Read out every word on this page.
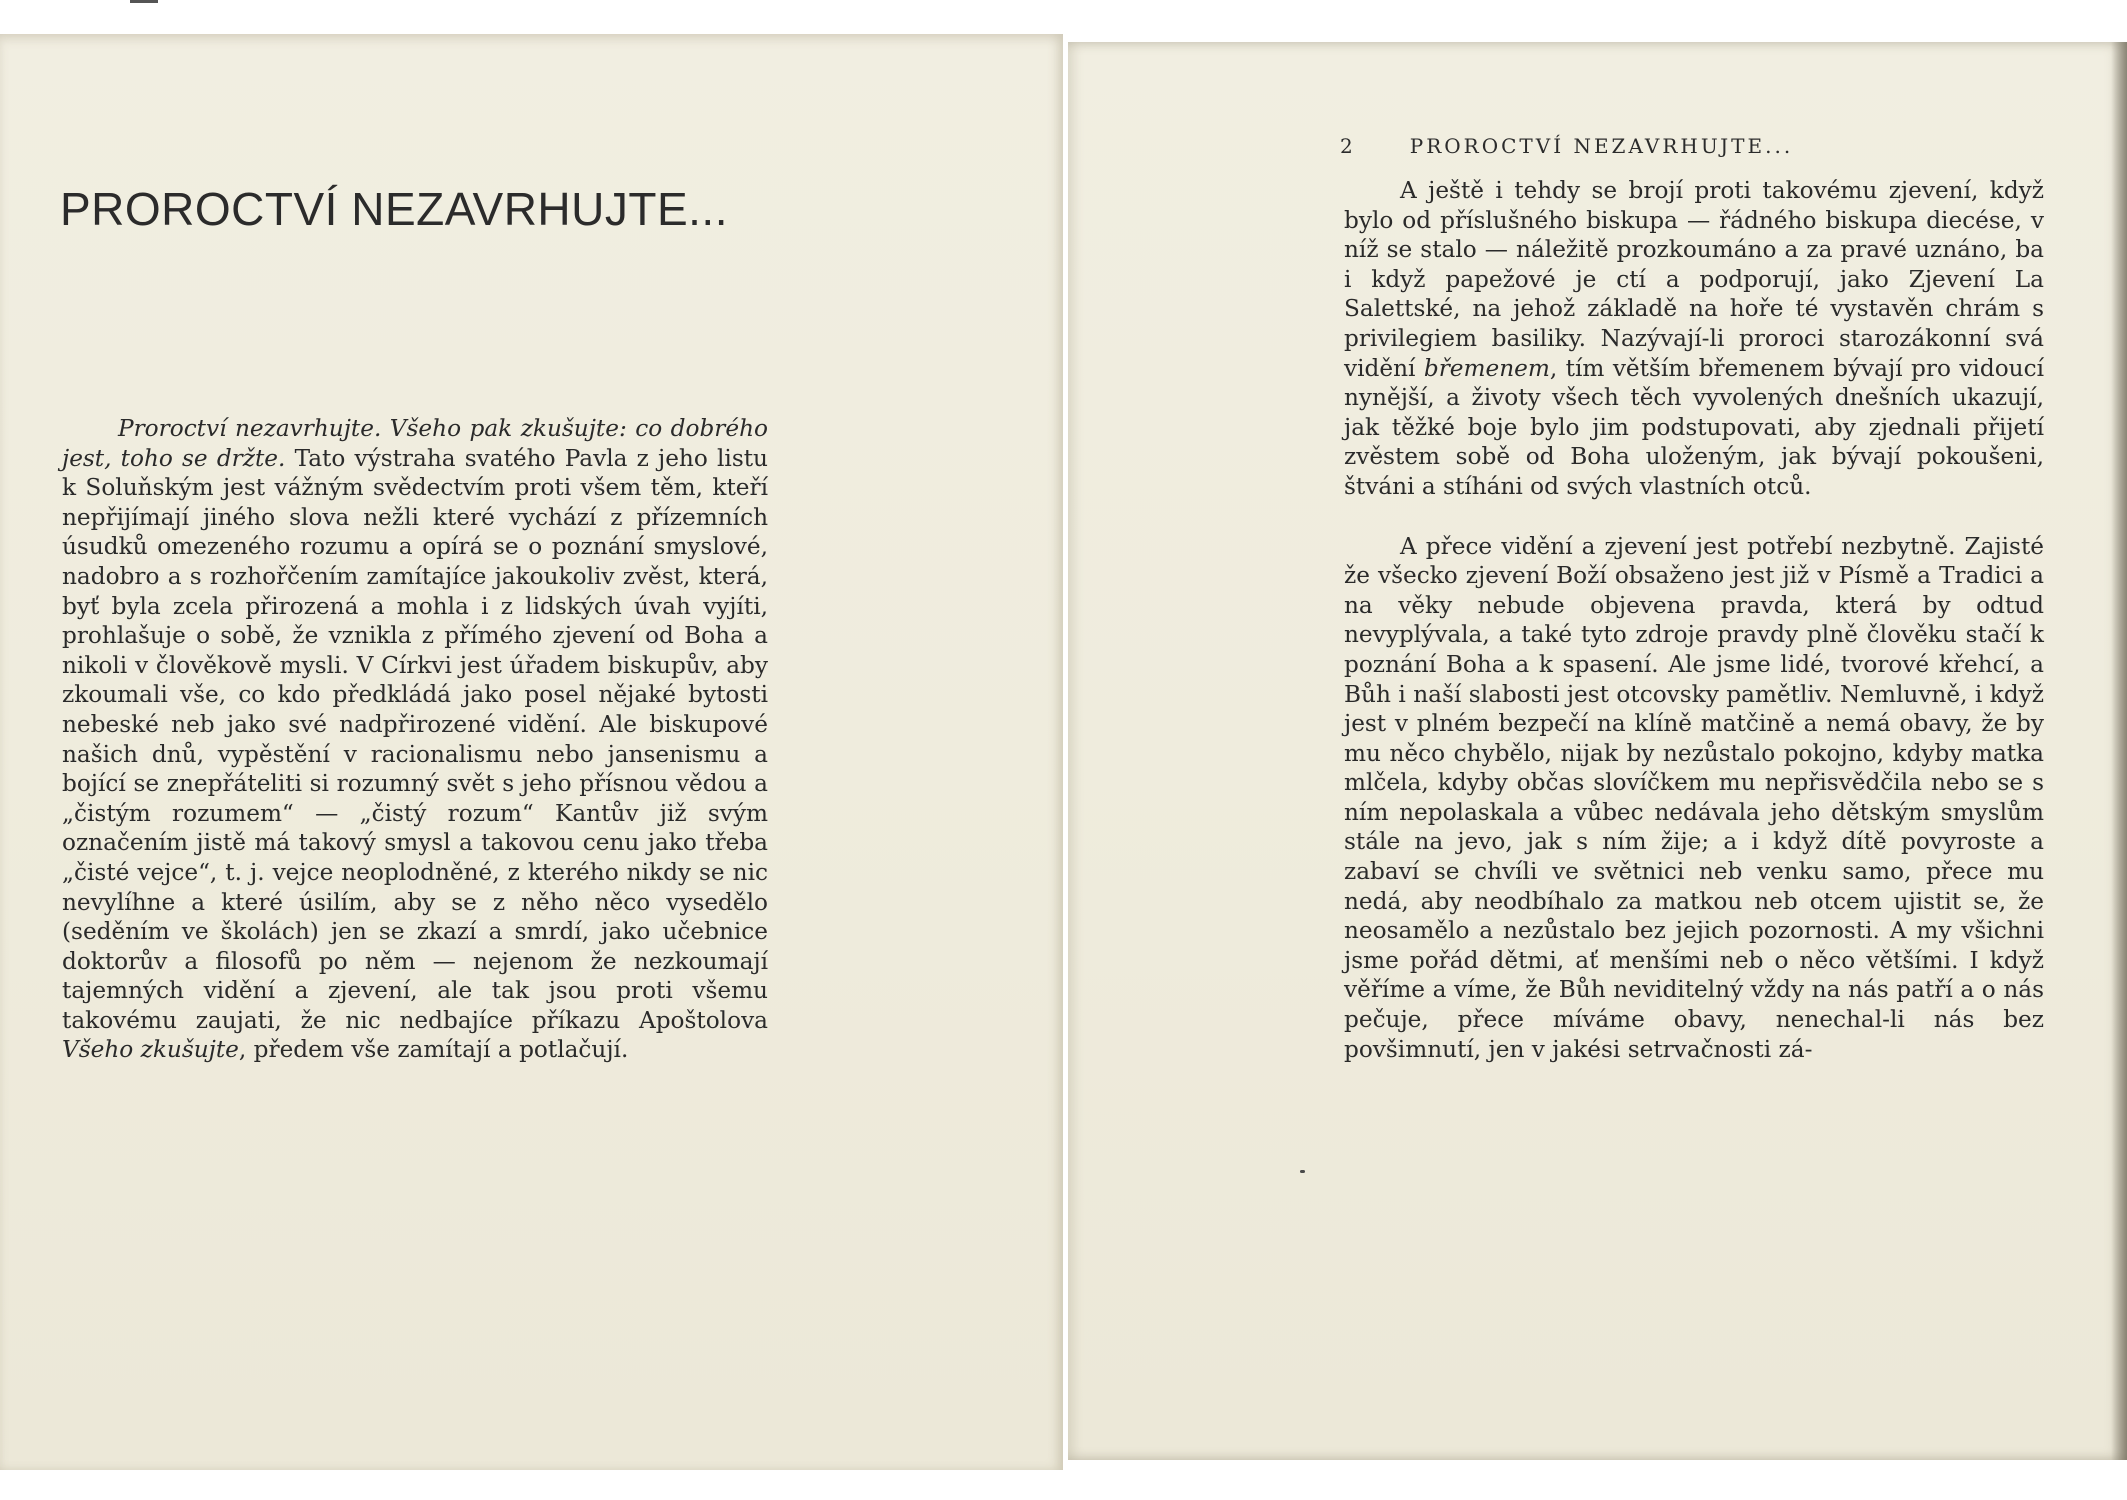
PROROCTVÍ NEZAVRHUJTE...

Proroctví nezavrhujte. Všeho pak zkušujte: co dobrého jest, toho se držte. Tato výstraha svatého Pavla z jeho listu k Soluňským jest vážným svědectvím proti všem těm, kteří nepřijímají jiného slova nežli které vychází z přízemních úsudků omezeného rozumu a opírá se o poznání smyslové, nadobro a s rozhořčením zamítajíce jakoukoliv zvěst, která, byť byla zcela přirozená a mohla i z lidských úvah vyjíti, prohlašuje o sobě, že vznikla z přímého zjevení od Boha a nikoli v člověkově mysli. V Církvi jest úřadem biskupův, aby zkoumali vše, co kdo předkládá jako posel nějaké bytosti nebeské neb jako své nadpřirozené vidění. Ale biskupové našich dnů, vypěstění v racionalismu nebo jansenismu a bojící se znepřáteliti si rozumný svět s jeho přísnou vědou a „čistým rozumem“ — „čistý rozum“ Kantův již svým označením jistě má takový smysl a takovou cenu jako třeba „čisté vejce“, t. j. vejce neoplodněné, z kterého nikdy se nic nevylíhne a které úsilím, aby se z něho něco vysedělo (seděním ve školách) jen se zkazí a smrdí, jako učebnice doktorův a filosofů po něm — nejenom že nezkoumají tajemných vidění a zjevení, ale tak jsou proti všemu takovému zaujati, že nic nedbajíce příkazu Apoštolova Všeho zkušujte, předem vše zamítají a potlačují.

2	PROROCTVÍ NEZAVRHUJTE...

A ještě i tehdy se brojí proti takovému zjevení, když bylo od příslušného biskupa — řádného biskupa diecése, v níž se stalo — náležitě prozkoumáno a za pravé uznáno, ba i když papežové je ctí a podporují, jako Zjevení La Salettské, na jehož základě na hoře té vystavěn chrám s privilegiem basiliky. Nazývají-li proroci starozákonní svá vidění břemenem, tím větším břemenem bývají pro vidoucí nynější, a životy všech těch vyvolených dnešních ukazují, jak těžké boje bylo jim podstupovati, aby zjednali přijetí zvěstem sobě od Boha uloženým, jak bývají pokoušeni, štváni a stíháni od svých vlastních otců.

A přece vidění a zjevení jest potřebí nezbytně. Zajisté že všecko zjevení Boží obsaženo jest již v Písmě a Tradici a na věky nebude objevena pravda, která by odtud nevyplývala, a také tyto zdroje pravdy plně člověku stačí k poznání Boha a k spasení. Ale jsme lidé, tvorové křehcí, a Bůh i naší slabosti jest otcovsky pamětliv. Nemluvně, i když jest v plném bezpečí na klíně matčině a nemá obavy, že by mu něco chybělo, nijak by nezůstalo pokojno, kdyby matka mlčela, kdyby občas slovíčkem mu nepřisvědčila nebo se s ním nepolaskala a vůbec nedávala jeho dětským smyslům stále na jevo, jak s ním žije; a i když dítě povyroste a zabaví se chvíli ve světnici neb venku samo, přece mu nedá, aby neodbíhalo za matkou neb otcem ujistit se, že neosamělo a nezůstalo bez jejich pozornosti. A my všichni jsme pořád dětmi, ať menšími neb o něco většími. I když věříme a víme, že Bůh neviditelný vždy na nás patří a o nás pečuje, přece míváme obavy, nenechal-li nás bez povšimnutí, jen v jakési setrvačnosti zá-
